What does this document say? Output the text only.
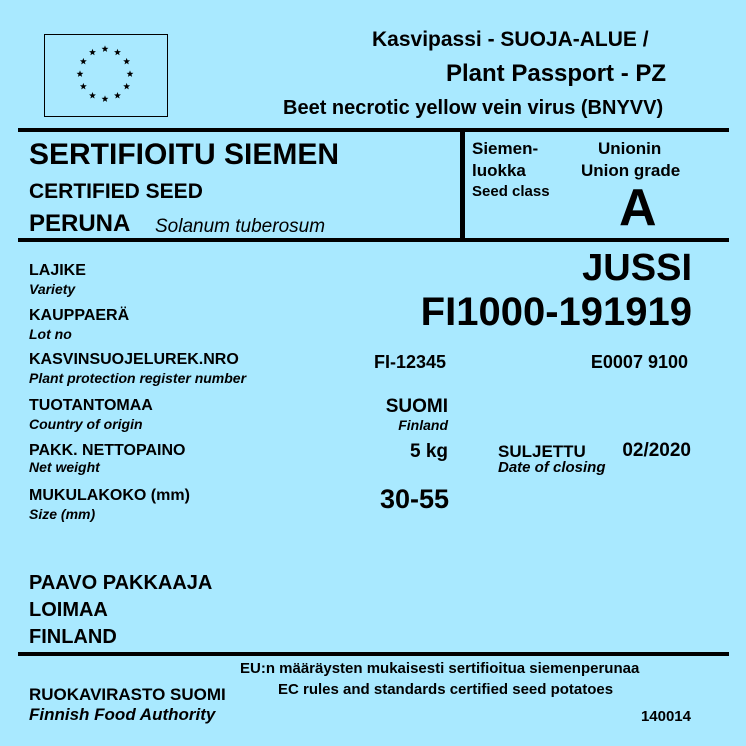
Kasvipassi - SUOJA-ALUE /
Plant Passport - PZ
Beet necrotic yellow vein virus (BNYVV)
SERTIFIOITU SIEMEN
CERTIFIED SEED
PERUNA Solanum tuberosum
Siemen-
luokka
Seed class
Unionin
Union grade
A
LAJIKE
Variety	JUSSI
KAUPPAERÄ
Lot no	FI1000-191919
KASVINSUOJELUREK.NRO
Plant protection register number
FI-12345	E0007 9100
TUOTANTOMAA
Country of origin
SUOMI
Finland
PAKK. NETTOPAINO
Net weight
5 kg	SULJETTU 02/2020
Date of closing
MUKULAKOKO (mm)
Size (mm)	30-55
PAAVO PAKKAAJA
LOIMAA
FINLAND
EU:n määräysten mukaisesti sertifioitua siemenperunaa
EC rules and standards certified seed potatoes
RUOKAVIRASTO SUOMI
Finnish Food Authority	140014
